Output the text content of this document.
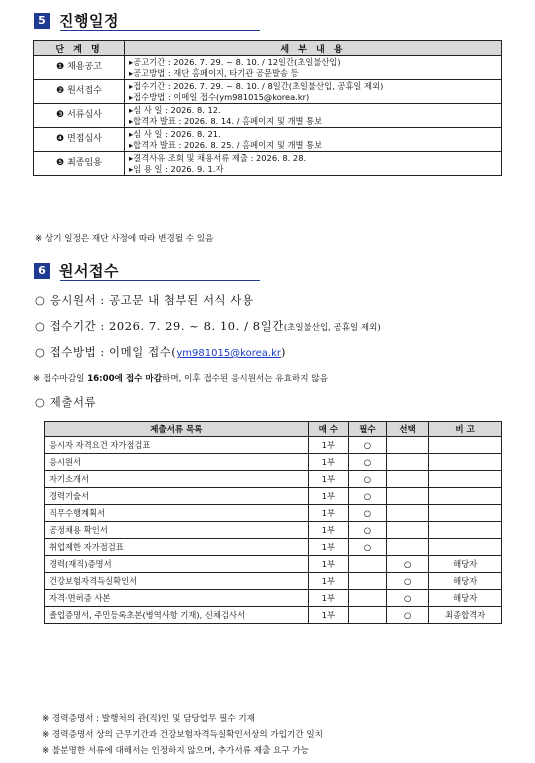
5 진행일정
단 계 명	세 부 내 용
❶ 채용공고	▸공고기간 : 2026. 7. 29. ~ 8. 10. / 12일간(초일불산입)
▸공고방법 : 재단 홈페이지, 타기관 공문발송 등

❷ 원서접수	▸접수기간 : 2026. 7. 29. ~ 8. 10. / 8일간(초일불산입, 공휴일 제외)
▸접수방법 : 이메일 접수(ym981015@korea.kr)

❸ 서류심사	▸심 사 일 : 2026. 8. 12.
▸합격자 발표 : 2026. 8. 14. / 홈페이지 및 개별 통보

❹ 면접심사	▸심 사 일 : 2026. 8. 21.
▸합격자 발표 : 2026. 8. 25. / 홈페이지 및 개별 통보

❺ 최종임용	▸결격사유 조회 및 채용서류 제출 : 2026. 8. 28.
▸임 용 일 : 2026. 9. 1.자
※ 상기 일정은 재단 사정에 따라 변경될 수 있음
6 원서접수
○ 응시원서 : 공고문 내 첨부된 서식 사용
○ 접수기간 : 2026. 7. 29. ~ 8. 10. / 8일간(초일불산입, 공휴일 제외)
○ 접수방법 : 이메일 접수(ym981015@korea.kr)
※ 접수마감일 16:00에 접수 마감하며, 이후 접수된 응시원서는 유효하지 않음
○ 제출서류
제출서류 목록	매 수	필수	선택	비 고
응시자 자격요건 자가점검표	1부	○		
응시원서	1부	○		
자기소개서	1부	○		
경력기술서	1부	○		
직무수행계획서	1부	○		
공정채용 확인서	1부	○		
취업제한 자가점검표	1부	○		
경력(재직)증명서	1부		○	해당자
건강보험자격득실확인서	1부		○	해당자
자격·면허증 사본	1부		○	해당자
졸업증명서, 주민등록초본(병역사항 기재), 신체검사서	1부		○	최종합격자
※ 경력증명서 : 발행처의 관(직)인 및 담당업무 필수 기재
※ 경력증명서 상의 근무기간과 건강보험자격득실확인서상의 가입기간 일치
※ 불분명한 서류에 대해서는 인정하지 않으며, 추가서류 제출 요구 가능
